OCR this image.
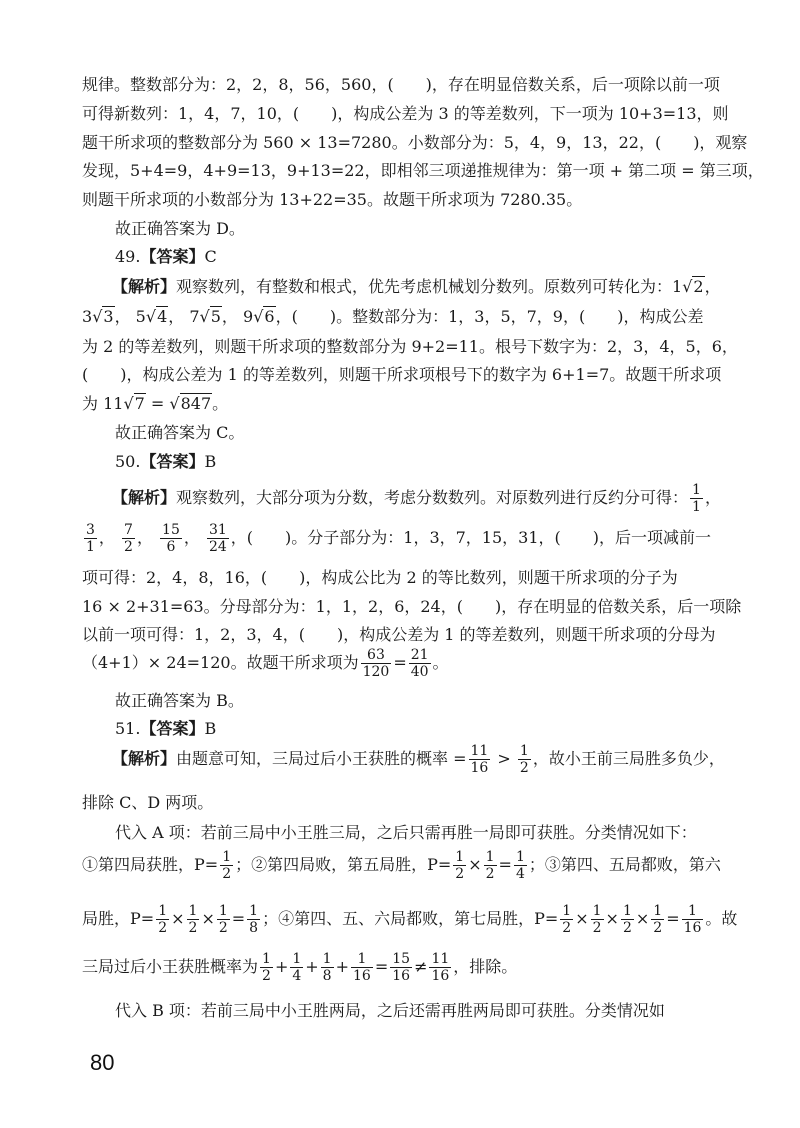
规律。整数部分为：2，2，8，56，560，(　　)，存在明显倍数关系，后一项除以前一项
可得新数列：1，4，7，10，(　　)，构成公差为 3 的等差数列，下一项为 10+3=13，则
题干所求项的整数部分为 560 × 13=7280。小数部分为：5，4，9，13，22，(　　)，观察
发现，5+4=9，4+9=13，9+13=22，即相邻三项递推规律为：第一项 + 第二项 = 第三项，
则题干所求项的小数部分为 13+22=35。故题干所求项为 7280.35。
故正确答案为 D。
49.【答案】C
【解析】观察数列，有整数和根式，优先考虑机械划分数列。原数列可转化为：1√2，
3√3， 5√4， 7√5， 9√6，(　　)。整数部分为：1，3，5，7，9，(　　)，构成公差
为 2 的等差数列，则题干所求项的整数部分为 9+2=11。根号下数字为：2，3，4，5，6，
(　　)，构成公差为 1 的等差数列，则题干所求项根号下的数字为 6+1=7。故题干所求项
为 11√7 = √847。
故正确答案为 C。
50.【答案】B
【解析】观察数列，大部分项为分数，考虑分数数列。对原数列进行反约分可得： $\frac{1}{1}$ ，
$\frac{3}{1}$ ， $\frac{7}{2}$ ， $\frac{15}{6}$ ， $\frac{31}{24}$ ，(　　)。分子部分为：1，3，7，15，31，(　　)，后一项减前一
项可得：2，4，8，16，(　　)，构成公比为 2 的等比数列，则题干所求项的分子为
16 × 2+31=63。分母部分为：1，1，2，6，24，(　　)，存在明显的倍数关系，后一项除
以前一项可得：1，2，3，4，(　　)，构成公差为 1 的等差数列，则题干所求项的分母为
（4+1）× 24=120。故题干所求项为 $\frac{63}{120} = \frac{21}{40}$ 。
故正确答案为 B。
51.【答案】B
【解析】由题意可知，三局过后小王获胜的概率 = $\frac{11}{16} > \frac{1}{2}$ ，故小王前三局胜多负少，
排除 C、D 两项。
代入 A 项：若前三局中小王胜三局，之后只需再胜一局即可获胜。分类情况如下：
①第四局获胜，$P= \frac{1}{2}$ ；②第四局败，第五局胜，$P= \frac{1}{2} \times \frac{1}{2} = \frac{1}{4}$ ；③第四、五局都败，第六
局胜，$P= \frac{1}{2} \times \frac{1}{2} \times \frac{1}{2} = \frac{1}{8}$ ；④第四、五、六局都败，第七局胜，$P= \frac{1}{2} \times \frac{1}{2} \times \frac{1}{2} \times \frac{1}{2} = \frac{1}{16}$ 。故
三局过后小王获胜概率为 $\frac{1}{2} + \frac{1}{4} + \frac{1}{8} + \frac{1}{16} = \frac{15}{16} \ne \frac{11}{16}$ ，排除。
代入 B 项：若前三局中小王胜两局，之后还需再胜两局即可获胜。分类情况如
80
